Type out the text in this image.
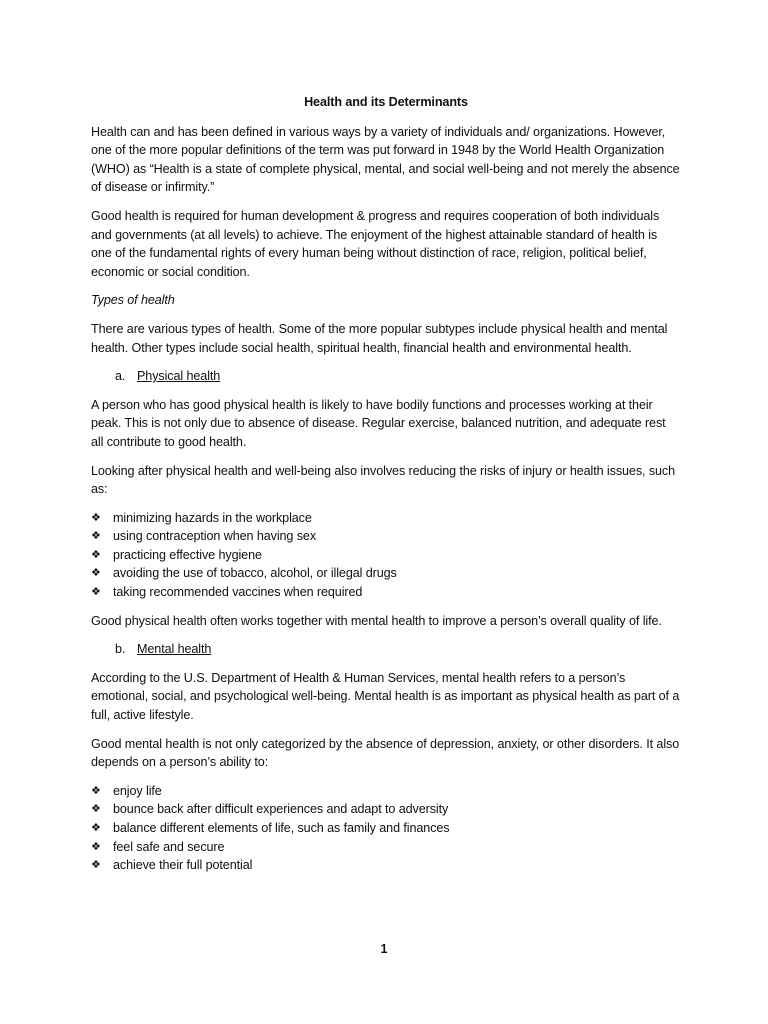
Health and its Determinants

Health can and has been defined in various ways by a variety of individuals and/ organizations. However, one of the more popular definitions of the term was put forward in 1948 by the World Health Organization (WHO) as “Health is a state of complete physical, mental, and social well-being and not merely the absence of disease or infirmity.”

Good health is required for human development & progress and requires cooperation of both individuals and governments (at all levels) to achieve. The enjoyment of the highest attainable standard of health is one of the fundamental rights of every human being without distinction of race, religion, political belief, economic or social condition.

Types of health

There are various types of health. Some of the more popular subtypes include physical health and mental health. Other types include social health, spiritual health, financial health and environmental health.

a. Physical health

A person who has good physical health is likely to have bodily functions and processes working at their peak. This is not only due to absence of disease. Regular exercise, balanced nutrition, and adequate rest all contribute to good health.

Looking after physical health and well-being also involves reducing the risks of injury or health issues, such as:

❖ minimizing hazards in the workplace
❖ using contraception when having sex
❖ practicing effective hygiene
❖ avoiding the use of tobacco, alcohol, or illegal drugs
❖ taking recommended vaccines when required

Good physical health often works together with mental health to improve a person’s overall quality of life.

b. Mental health

According to the U.S. Department of Health & Human Services, mental health refers to a person’s emotional, social, and psychological well-being. Mental health is as important as physical health as part of a full, active lifestyle.

Good mental health is not only categorized by the absence of depression, anxiety, or other disorders. It also depends on a person’s ability to:

❖ enjoy life
❖ bounce back after difficult experiences and adapt to adversity
❖ balance different elements of life, such as family and finances
❖ feel safe and secure
❖ achieve their full potential
1
